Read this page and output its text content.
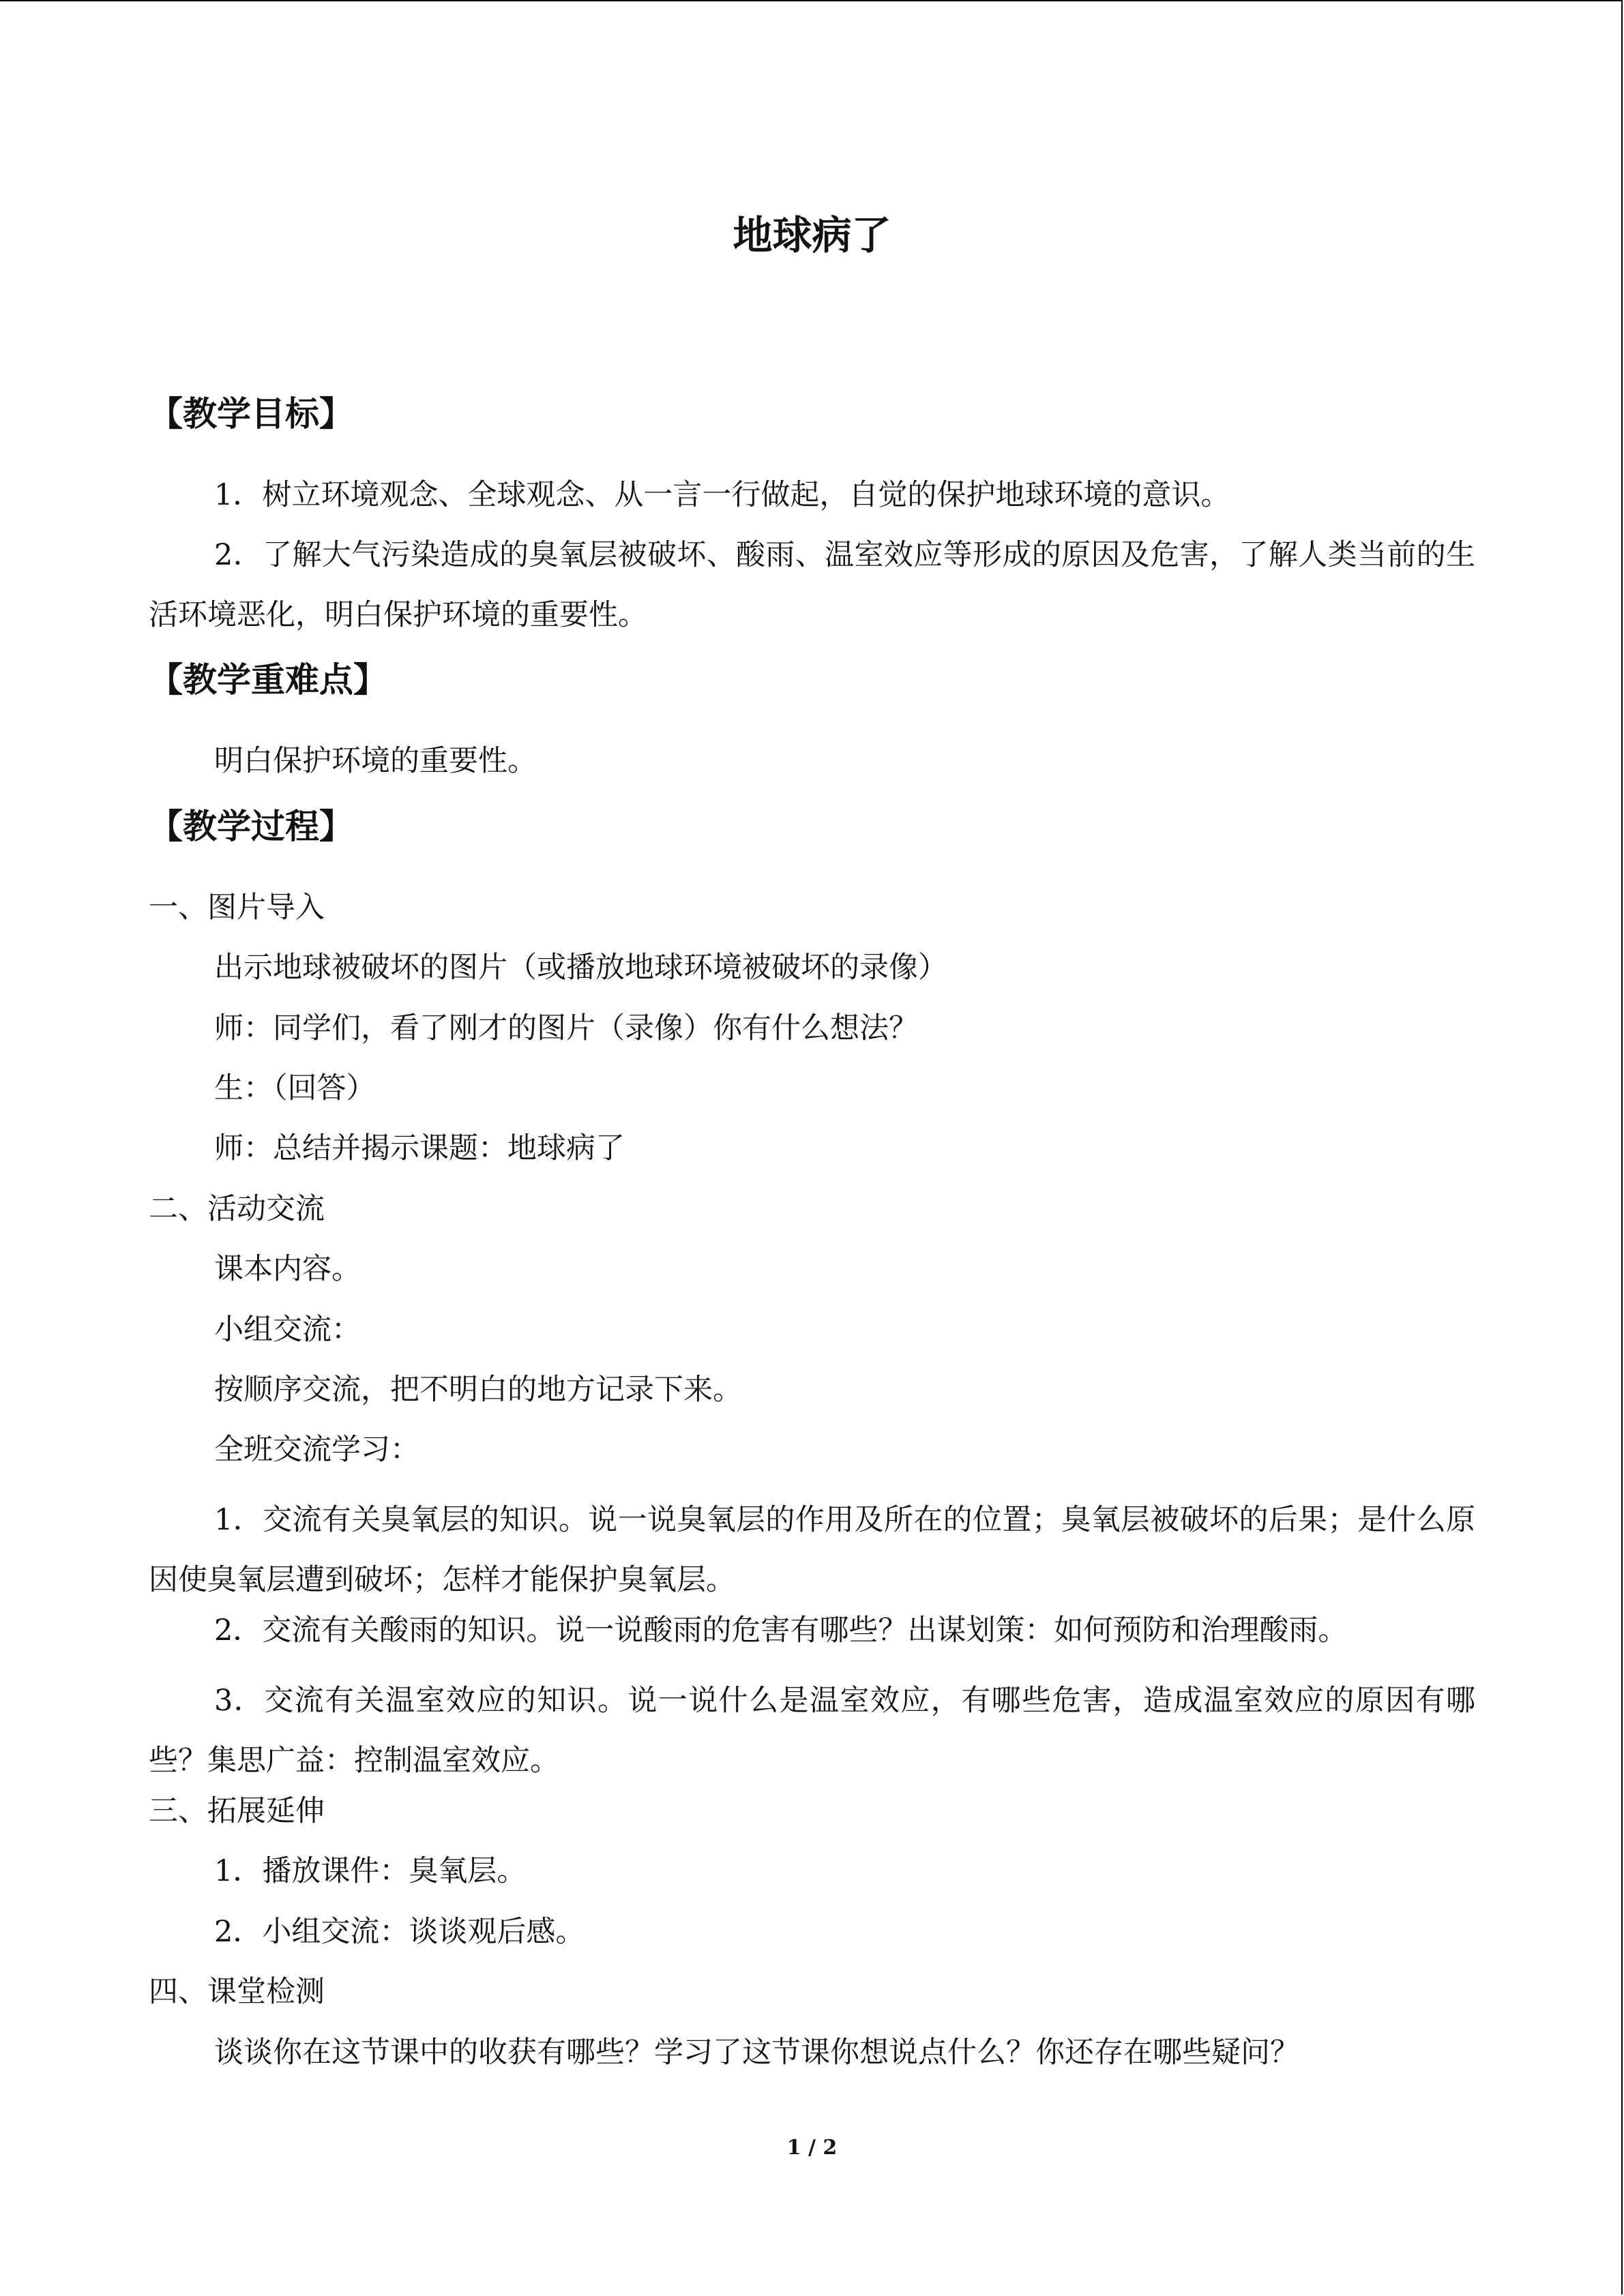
地球病了
【教学目标】

1．树立环境观念、全球观念、从一言一行做起，自觉的保护地球环境的意识。

2．了解大气污染造成的臭氧层被破坏、酸雨、温室效应等形成的原因及危害，了解人类当前的生活环境恶化，明白保护环境的重要性。

【教学重难点】

明白保护环境的重要性。

【教学过程】

一、图片导入

出示地球被破坏的图片（或播放地球环境被破坏的录像）

师：同学们，看了刚才的图片（录像）你有什么想法？

生：（回答）

师：总结并揭示课题：地球病了

二、活动交流

课本内容。

小组交流：

按顺序交流，把不明白的地方记录下来。

全班交流学习：

1．交流有关臭氧层的知识。说一说臭氧层的作用及所在的位置；臭氧层被破坏的后果；是什么原因使臭氧层遭到破坏；怎样才能保护臭氧层。

2．交流有关酸雨的知识。说一说酸雨的危害有哪些？出谋划策：如何预防和治理酸雨。

3．交流有关温室效应的知识。说一说什么是温室效应，有哪些危害，造成温室效应的原因有哪些？集思广益：控制温室效应。

三、拓展延伸

1．播放课件：臭氧层。

2．小组交流：谈谈观后感。

四、课堂检测

谈谈你在这节课中的收获有哪些？学习了这节课你想说点什么？你还存在哪些疑问？

1 / 2
